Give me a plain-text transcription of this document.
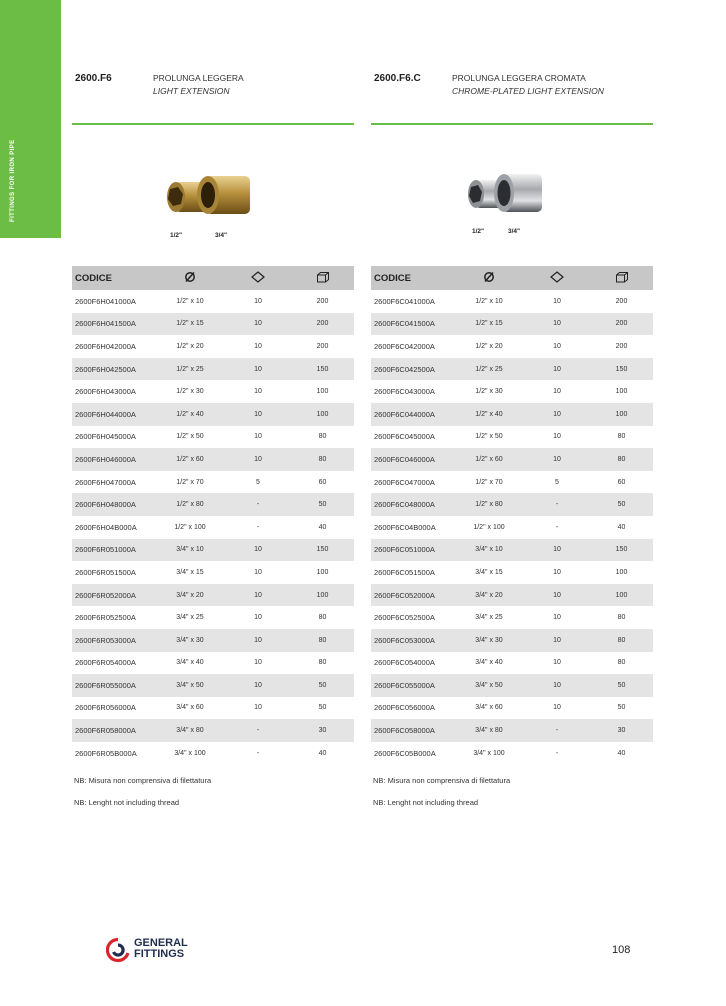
FITTINGS FOR IRON PIPE
2600.F6	PROLUNGA LEGGERA
LIGHT EXTENSION
1/2"	3/4"
CODICE			
2600F6H041000A	1/2" x 10	10	200
2600F6H041500A	1/2" x 15	10	200
2600F6H042000A	1/2" x 20	10	200
2600F6H042500A	1/2" x 25	10	150
2600F6H043000A	1/2" x 30	10	100
2600F6H044000A	1/2" x 40	10	100
2600F6H045000A	1/2" x 50	10	80
2600F6H046000A	1/2" x 60	10	80
2600F6H047000A	1/2" x 70	5	60
2600F6H048000A	1/2" x 80	-	50
2600F6H04B000A	1/2" x 100	-	40
2600F6R051000A	3/4" x 10	10	150
2600F6R051500A	3/4" x 15	10	100
2600F6R052000A	3/4" x 20	10	100
2600F6R052500A	3/4" x 25	10	80
2600F6R053000A	3/4" x 30	10	80
2600F6R054000A	3/4" x 40	10	80
2600F6R055000A	3/4" x 50	10	50
2600F6R056000A	3/4" x 60	10	50
2600F6R058000A	3/4" x 80	-	30
2600F6R05B000A	3/4" x 100	-	40
NB: Misura non comprensiva di filettatura
NB: Lenght not including thread
2600.F6.C	PROLUNGA LEGGERA CROMATA
CHROME-PLATED LIGHT EXTENSION
1/2"	3/4"
CODICE			
2600F6C041000A	1/2" x 10	10	200
2600F6C041500A	1/2" x 15	10	200
2600F6C042000A	1/2" x 20	10	200
2600F6C042500A	1/2" x 25	10	150
2600F6C043000A	1/2" x 30	10	100
2600F6C044000A	1/2" x 40	10	100
2600F6C045000A	1/2" x 50	10	80
2600F6C046000A	1/2" x 60	10	80
2600F6C047000A	1/2" x 70	5	60
2600F6C048000A	1/2" x 80	-	50
2600F6C04B000A	1/2" x 100	-	40
2600F6C051000A	3/4" x 10	10	150
2600F6C051500A	3/4" x 15	10	100
2600F6C052000A	3/4" x 20	10	100
2600F6C052500A	3/4" x 25	10	80
2600F6C053000A	3/4" x 30	10	80
2600F6C054000A	3/4" x 40	10	80
2600F6C055000A	3/4" x 50	10	50
2600F6C056000A	3/4" x 60	10	50
2600F6C058000A	3/4" x 80	-	30
2600F6C05B000A	3/4" x 100	-	40
NB: Misura non comprensiva di filettatura
NB: Lenght not including thread
GENERAL
FITTINGS	108
